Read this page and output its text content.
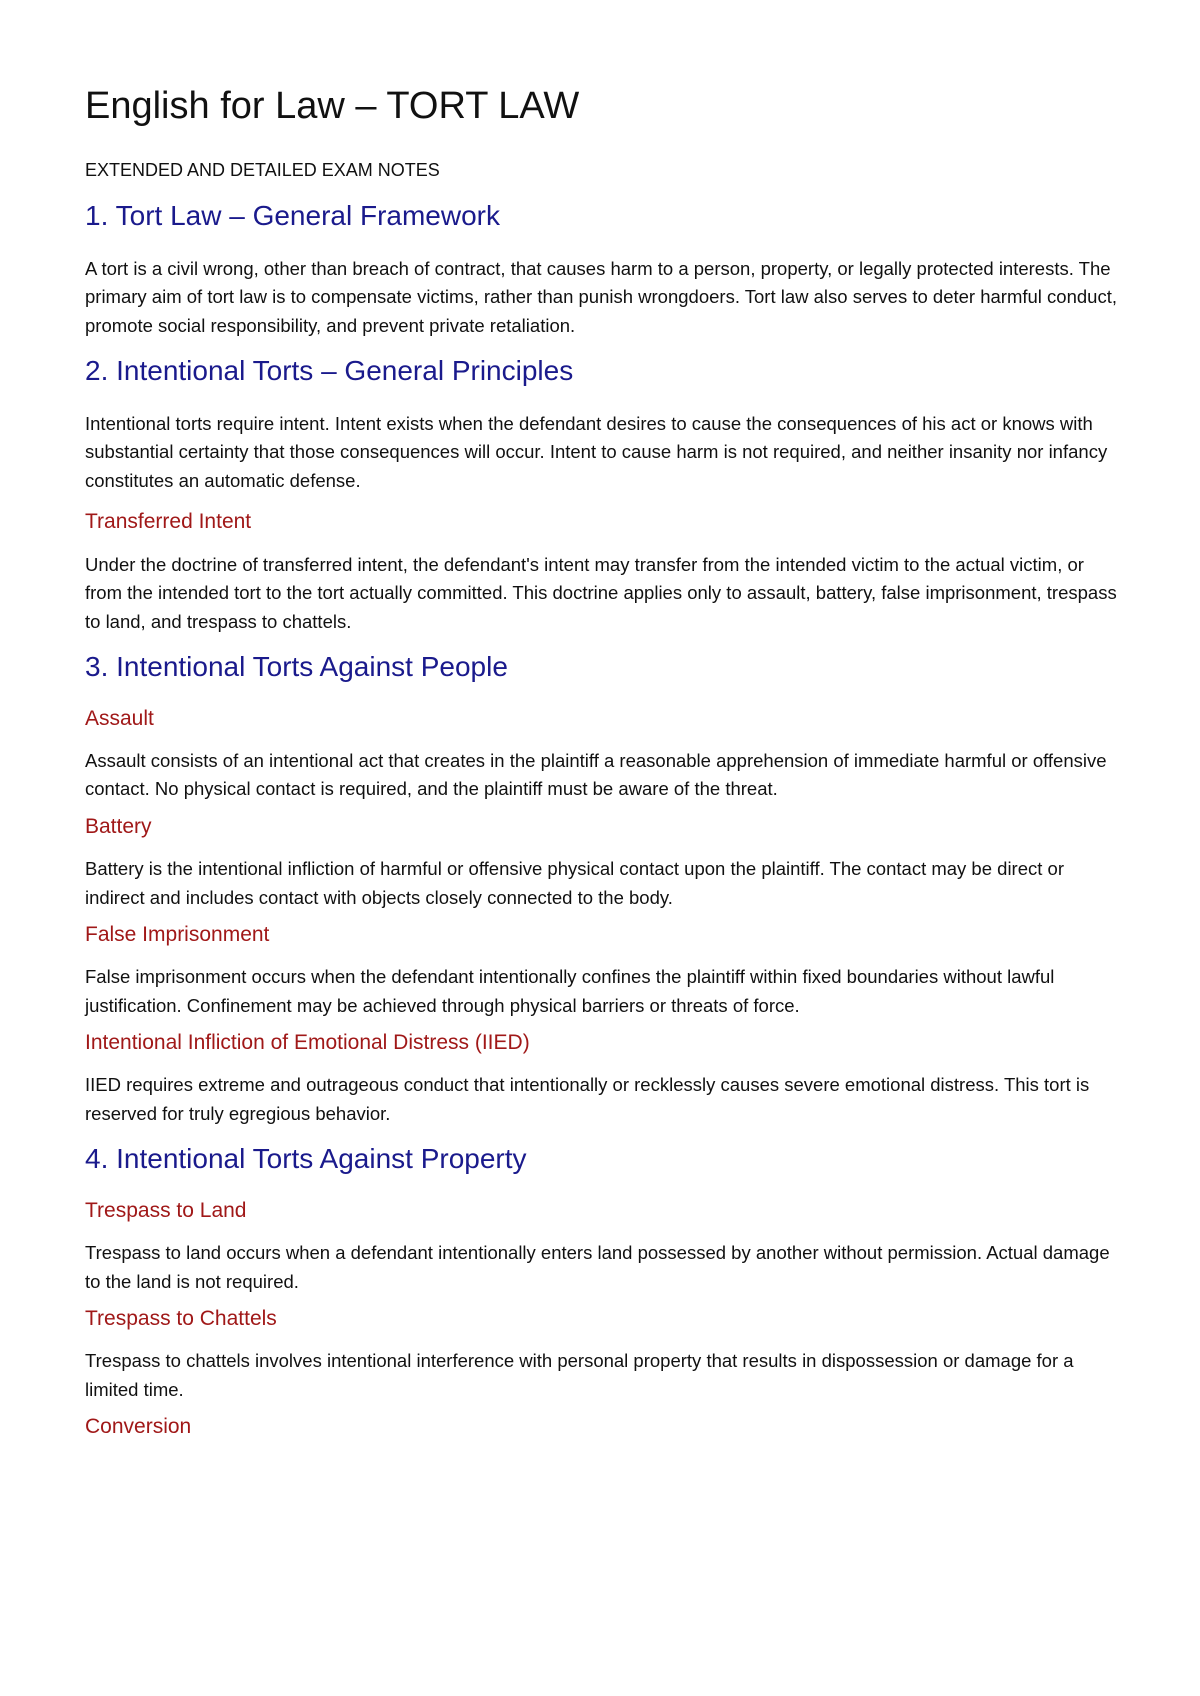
English for Law – TORT LAW
EXTENDED AND DETAILED EXAM NOTES
1. Tort Law – General Framework

A tort is a civil wrong, other than breach of contract, that causes harm to a person, property, or legally protected interests. The primary aim of tort law is to compensate victims, rather than punish wrongdoers. Tort law also serves to deter harmful conduct, promote social responsibility, and prevent private retaliation.

2. Intentional Torts – General Principles

Intentional torts require intent. Intent exists when the defendant desires to cause the consequences of his act or knows with substantial certainty that those consequences will occur. Intent to cause harm is not required, and neither insanity nor infancy constitutes an automatic defense.

Transferred Intent

Under the doctrine of transferred intent, the defendant's intent may transfer from the intended victim to the actual victim, or from the intended tort to the tort actually committed. This doctrine applies only to assault, battery, false imprisonment, trespass to land, and trespass to chattels.

3. Intentional Torts Against People
Assault

Assault consists of an intentional act that creates in the plaintiff a reasonable apprehension of immediate harmful or offensive contact. No physical contact is required, and the plaintiff must be aware of the threat.

Battery

Battery is the intentional infliction of harmful or offensive physical contact upon the plaintiff. The contact may be direct or indirect and includes contact with objects closely connected to the body.

False Imprisonment

False imprisonment occurs when the defendant intentionally confines the plaintiff within fixed boundaries without lawful justification. Confinement may be achieved through physical barriers or threats of force.

Intentional Infliction of Emotional Distress (IIED)

IIED requires extreme and outrageous conduct that intentionally or recklessly causes severe emotional distress. This tort is reserved for truly egregious behavior.

4. Intentional Torts Against Property
Trespass to Land

Trespass to land occurs when a defendant intentionally enters land possessed by another without permission. Actual damage to the land is not required.

Trespass to Chattels

Trespass to chattels involves intentional interference with personal property that results in dispossession or damage for a limited time.

Conversion
